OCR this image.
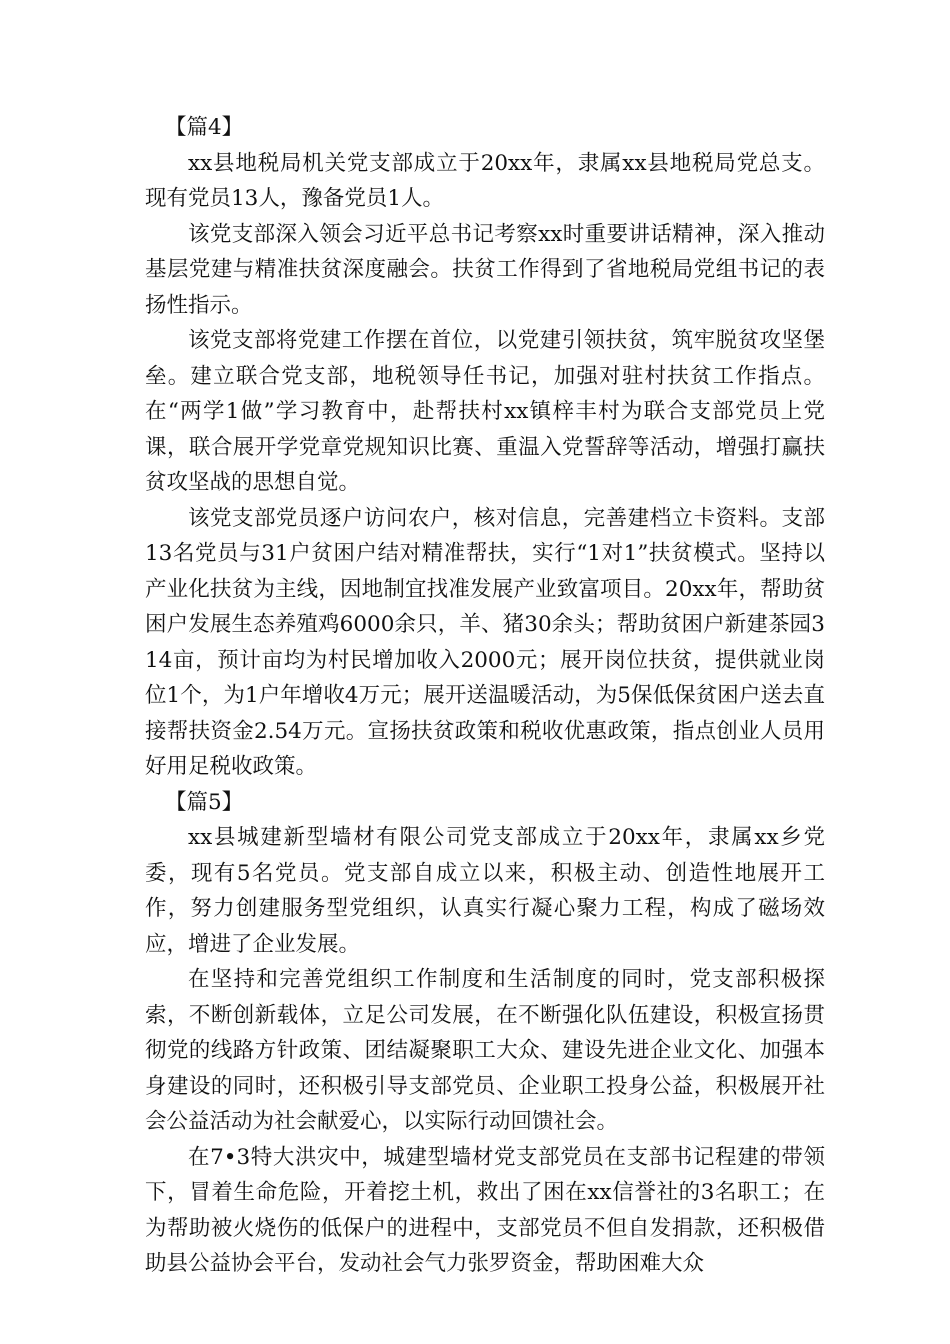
【篇4】

xx县地税局机关党支部成立于20xx年，隶属xx县地税局党总支。现有党员13人，豫备党员1人。

该党支部深入领会习近平总书记考察xx时重要讲话精神，深入推动基层党建与精准扶贫深度融会。扶贫工作得到了省地税局党组书记的表扬性指示。

该党支部将党建工作摆在首位，以党建引领扶贫，筑牢脱贫攻坚堡垒。建立联合党支部，地税领导任书记，加强对驻村扶贫工作指点。在“两学1做”学习教育中，赴帮扶村xx镇梓丰村为联合支部党员上党课，联合展开学党章党规知识比赛、重温入党誓辞等活动，增强打赢扶贫攻坚战的思想自觉。

该党支部党员逐户访问农户，核对信息，完善建档立卡资料。支部13名党员与31户贫困户结对精准帮扶，实行“1对1”扶贫模式。坚持以产业化扶贫为主线，因地制宜找准发展产业致富项目。20xx年，帮助贫困户发展生态养殖鸡6000余只，羊、猪30余头；帮助贫困户新建茶园314亩，预计亩均为村民增加收入2000元；展开岗位扶贫，提供就业岗位1个，为1户年增收4万元；展开送温暖活动，为5保低保贫困户送去直接帮扶资金2.54万元。宣扬扶贫政策和税收优惠政策，指点创业人员用好用足税收政策。

【篇5】

xx县城建新型墙材有限公司党支部成立于20xx年，隶属xx乡党委，现有5名党员。党支部自成立以来，积极主动、创造性地展开工作，努力创建服务型党组织，认真实行凝心聚力工程，构成了磁场效应，增进了企业发展。

在坚持和完善党组织工作制度和生活制度的同时，党支部积极探索，不断创新载体，立足公司发展，在不断强化队伍建设，积极宣扬贯彻党的线路方针政策、团结凝聚职工大众、建设先进企业文化、加强本身建设的同时，还积极引导支部党员、企业职工投身公益，积极展开社会公益活动为社会献爱心，以实际行动回馈社会。

在7•3特大洪灾中，城建型墙材党支部党员在支部书记程建的带领下，冒着生命危险，开着挖土机，救出了困在xx信誉社的3名职工；在为帮助被火烧伤的低保户的进程中，支部党员不但自发捐款，还积极借助县公益协会平台，发动社会气力张罗资金，帮助困难大众
